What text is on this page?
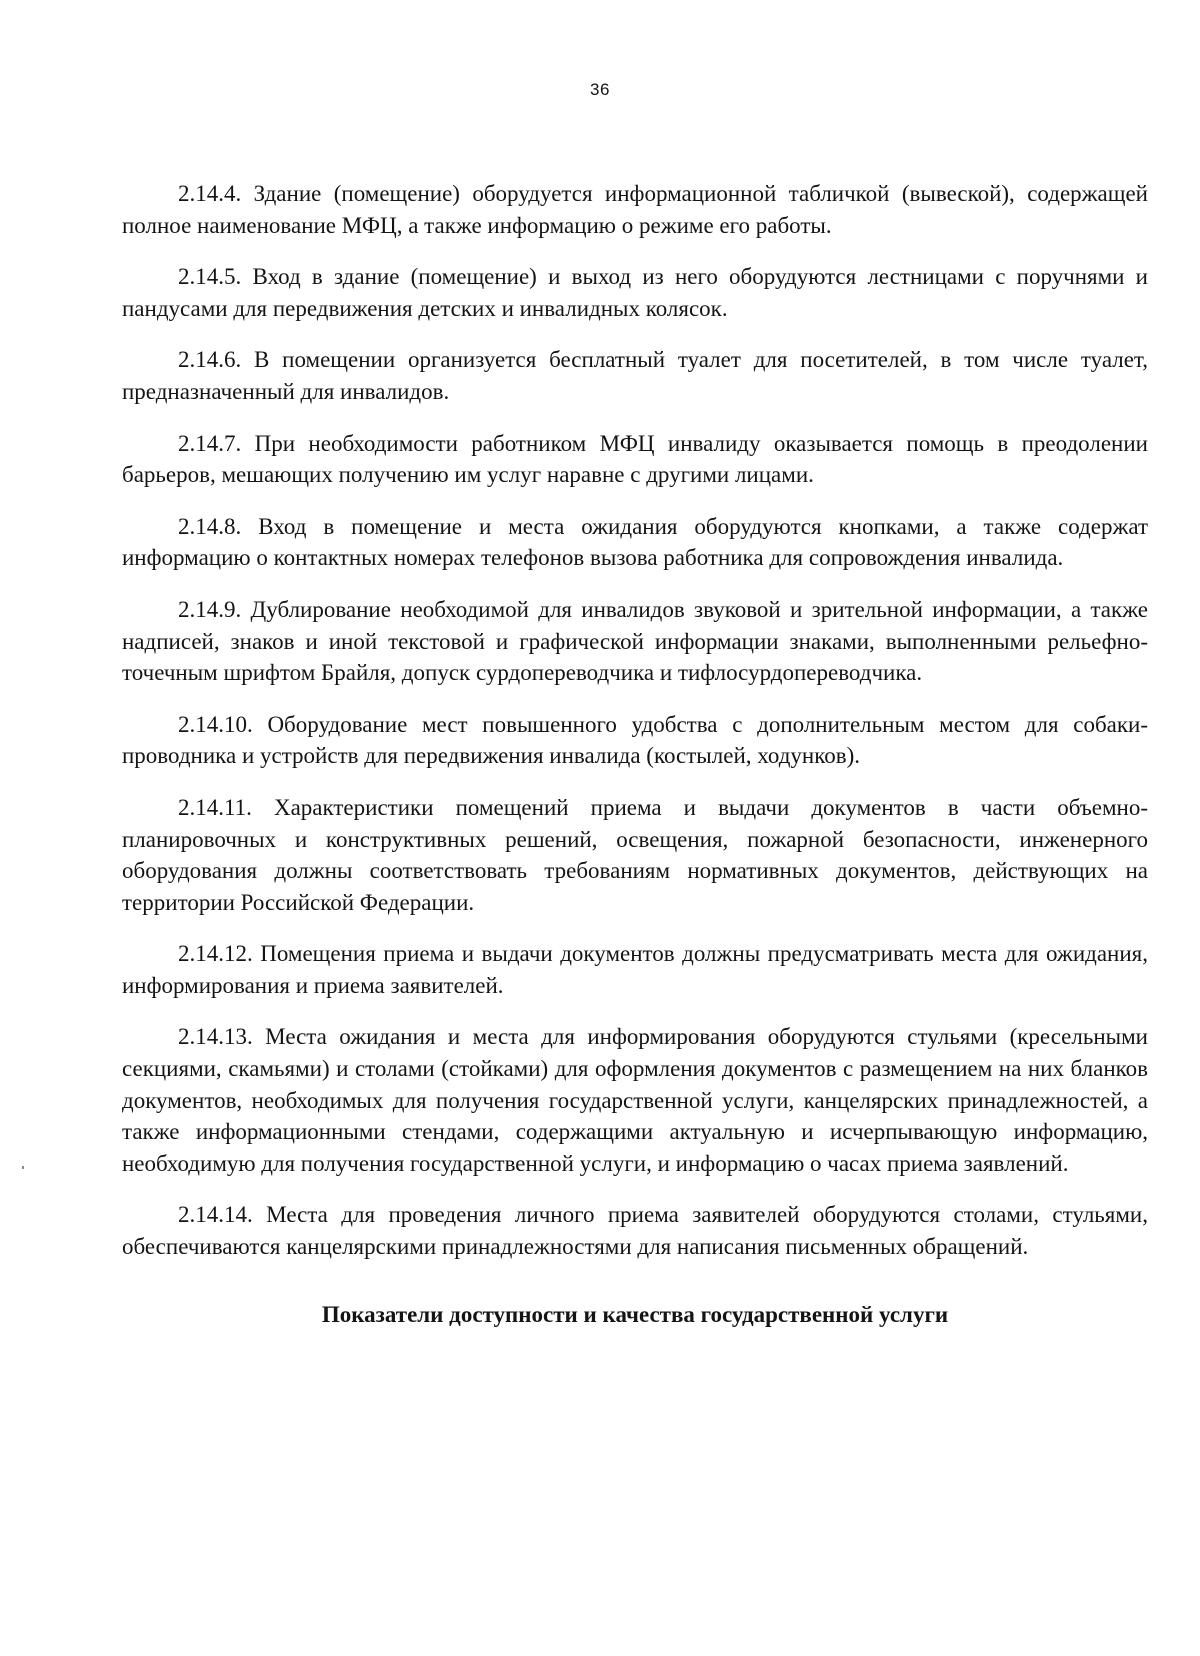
36

2.14.4. Здание (помещение) оборудуется информационной табличкой (вывеской), содержащей полное наименование МФЦ, а также информацию о режиме его работы.

2.14.5. Вход в здание (помещение) и выход из него оборудуются лестницами с поручнями и пандусами для передвижения детских и инвалидных колясок.

2.14.6. В помещении организуется бесплатный туалет для посетителей, в том числе туалет, предназначенный для инвалидов.

2.14.7. При необходимости работником МФЦ инвалиду оказывается помощь в преодолении барьеров, мешающих получению им услуг наравне с другими лицами.

2.14.8. Вход в помещение и места ожидания оборудуются кнопками, а также содержат информацию о контактных номерах телефонов вызова работника для сопровождения инвалида.

2.14.9. Дублирование необходимой для инвалидов звуковой и зрительной информации, а также надписей, знаков и иной текстовой и графической информации знаками, выполненными рельефно-точечным шрифтом Брайля, допуск сурдопереводчика и тифлосурдопереводчика.

2.14.10. Оборудование мест повышенного удобства с дополнительным местом для собаки-проводника и устройств для передвижения инвалида (костылей, ходунков).

2.14.11. Характеристики помещений приема и выдачи документов в части объемно-планировочных и конструктивных решений, освещения, пожарной безопасности, инженерного оборудования должны соответствовать требованиям нормативных документов, действующих на территории Российской Федерации.

2.14.12. Помещения приема и выдачи документов должны предусматривать места для ожидания, информирования и приема заявителей.

2.14.13. Места ожидания и места для информирования оборудуются стульями (кресельными секциями, скамьями) и столами (стойками) для оформления документов с размещением на них бланков документов, необходимых для получения государственной услуги, канцелярских принадлежностей, а также информационными стендами, содержащими актуальную и исчерпывающую информацию, необходимую для получения государственной услуги, и информацию о часах приема заявлений.

2.14.14. Места для проведения личного приема заявителей оборудуются столами, стульями, обеспечиваются канцелярскими принадлежностями для написания письменных обращений.

Показатели доступности и качества государственной услуги
